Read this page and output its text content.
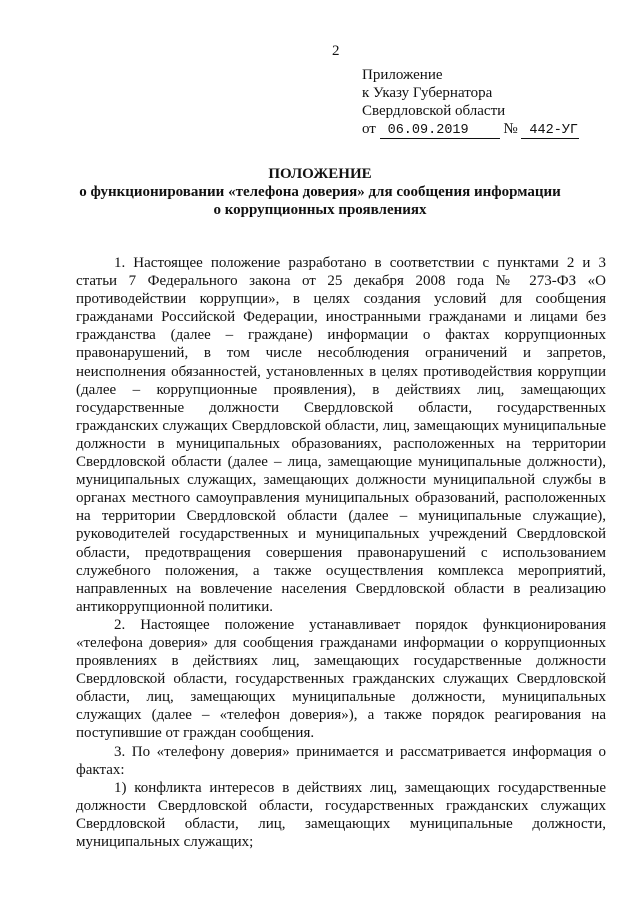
2
Приложение
к Указу Губернатора
Свердловской области
от 06.09.2019 № 442-УГ
ПОЛОЖЕНИЕ
о функционировании «телефона доверия» для сообщения информации
о коррупционных проявлениях

1. Настоящее положение разработано в соответствии с пунктами 2 и 3 статьи 7 Федерального закона от 25 декабря 2008 года № 273-ФЗ «О противодействии коррупции», в целях создания условий для сообщения гражданами Российской Федерации, иностранными гражданами и лицами без гражданства (далее – граждане) информации о фактах коррупционных правонарушений, в том числе несоблюдения ограничений и запретов, неисполнения обязанностей, установленных в целях противодействия коррупции (далее – коррупционные проявления), в действиях лиц, замещающих государственные должности Свердловской области, государственных гражданских служащих Свердловской области, лиц, замещающих муниципальные должности в муниципальных образованиях, расположенных на территории Свердловской области (далее – лица, замещающие муниципальные должности), муниципальных служащих, замещающих должности муниципальной службы в органах местного самоуправления муниципальных образований, расположенных на территории Свердловской области (далее – муниципальные служащие), руководителей государственных и муниципальных учреждений Свердловской области, предотвращения совершения правонарушений с использованием служебного положения, а также осуществления комплекса мероприятий, направленных на вовлечение населения Свердловской области в реализацию антикоррупционной политики.

2. Настоящее положение устанавливает порядок функционирования «телефона доверия» для сообщения гражданами информации о коррупционных проявлениях в действиях лиц, замещающих государственные должности Свердловской области, государственных гражданских служащих Свердловской области, лиц, замещающих муниципальные должности, муниципальных служащих (далее – «телефон доверия»), а также порядок реагирования на поступившие от граждан сообщения.

3. По «телефону доверия» принимается и рассматривается информация о фактах:

1) конфликта интересов в действиях лиц, замещающих государственные должности Свердловской области, государственных гражданских служащих Свердловской области, лиц, замещающих муниципальные должности, муниципальных служащих;
